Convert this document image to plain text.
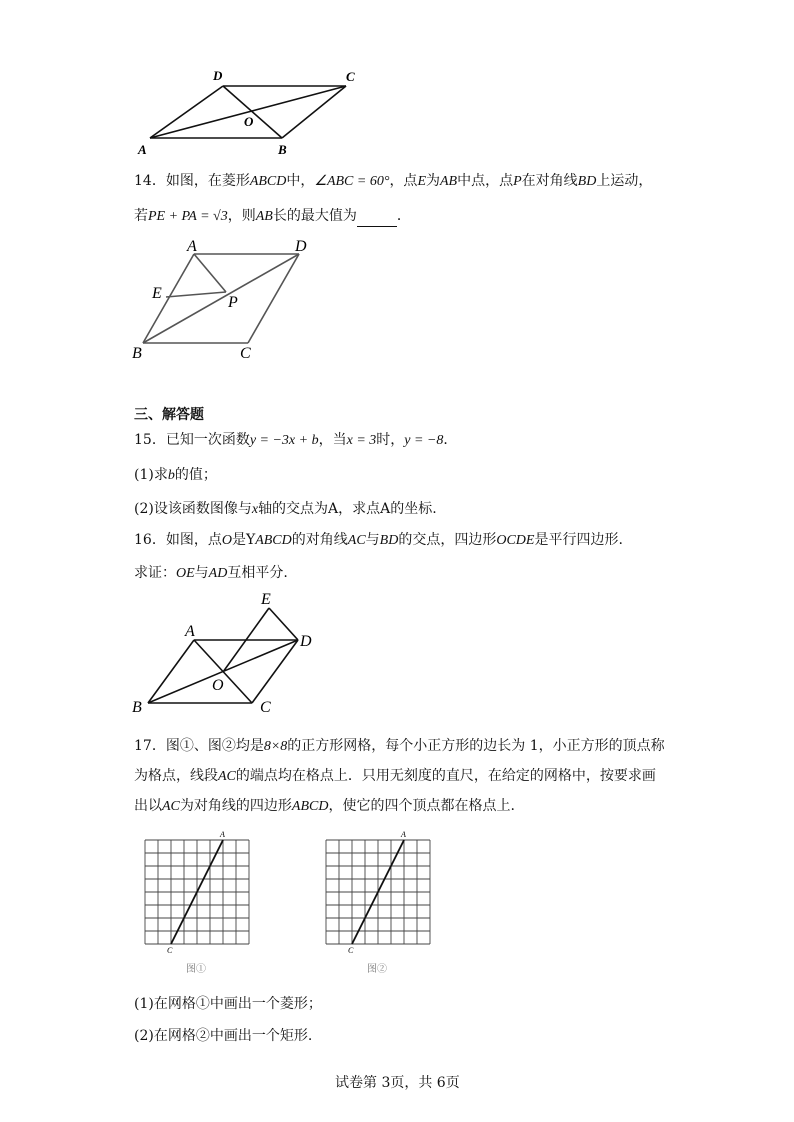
D	C
O
A	B
14．如图，在菱形ABCD中，∠ABC = 60°，点E为AB中点，点P在对角线BD上运动，
若PE + PA = √3，则AB长的最大值为	．
A	D
E
P
B	C
三、解答题
15．已知一次函数y = −3x + b，当x = 3时，y = −8．
(1)求b的值；
(2)设该函数图像与x轴的交点为A，求点A的坐标.
16．如图，点O是YABCD的对角线AC与BD的交点，四边形OCDE是平行四边形.
求证：OE与AD互相平分.
E
A
D
O
B	C
17．图①、图②均是8×8的正方形网格，每个小正方形的边长为 1，小正方形的顶点称
为格点，线段AC的端点均在格点上．只用无刻度的直尺，在给定的网格中，按要求画
出以AC为对角线的四边形ABCD，使它的四个顶点都在格点上.
A
C
图①
A
C
图②
(1)在网格①中画出一个菱形；
(2)在网格②中画出一个矩形.
试卷第 3页，共 6页
